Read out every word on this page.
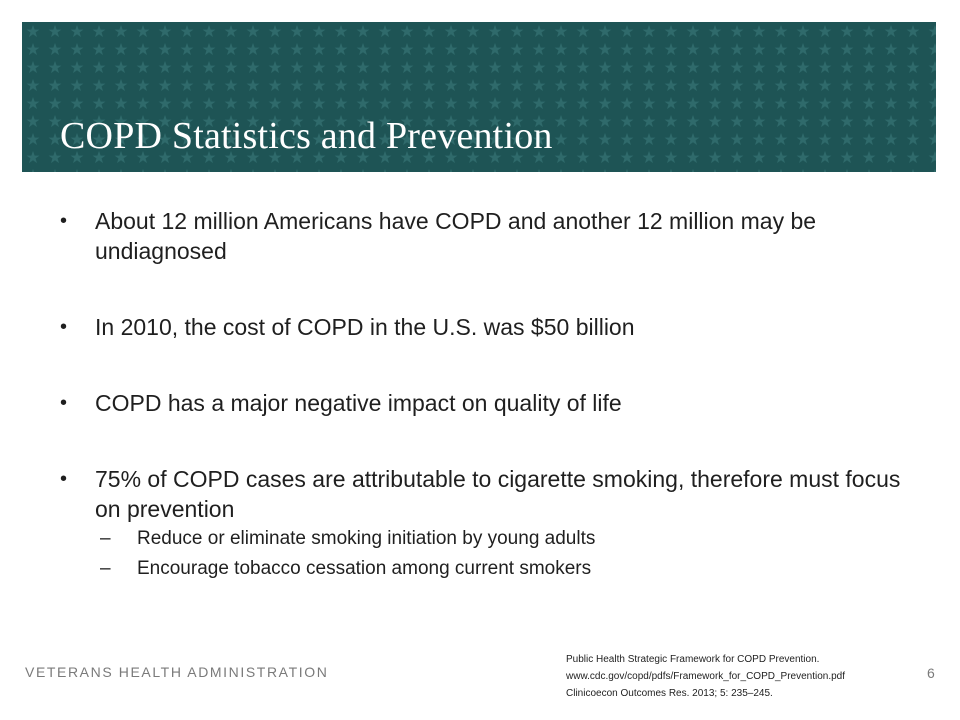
COPD Statistics and Prevention
• About 12 million Americans have COPD and another 12 million may be undiagnosed
• In 2010, the cost of COPD in the U.S. was $50 billion
• COPD has a major negative impact on quality of life
• 75% of COPD cases are attributable to cigarette smoking, therefore must focus on prevention
– Reduce or eliminate smoking initiation by young adults
– Encourage tobacco cessation among current smokers
VETERANS HEALTH ADMINISTRATION
Public Health Strategic Framework for COPD Prevention.
www.cdc.gov/copd/pdfs/Framework_for_COPD_Prevention.pdf
Clinicoecon Outcomes Res. 2013; 5: 235–245.
6
